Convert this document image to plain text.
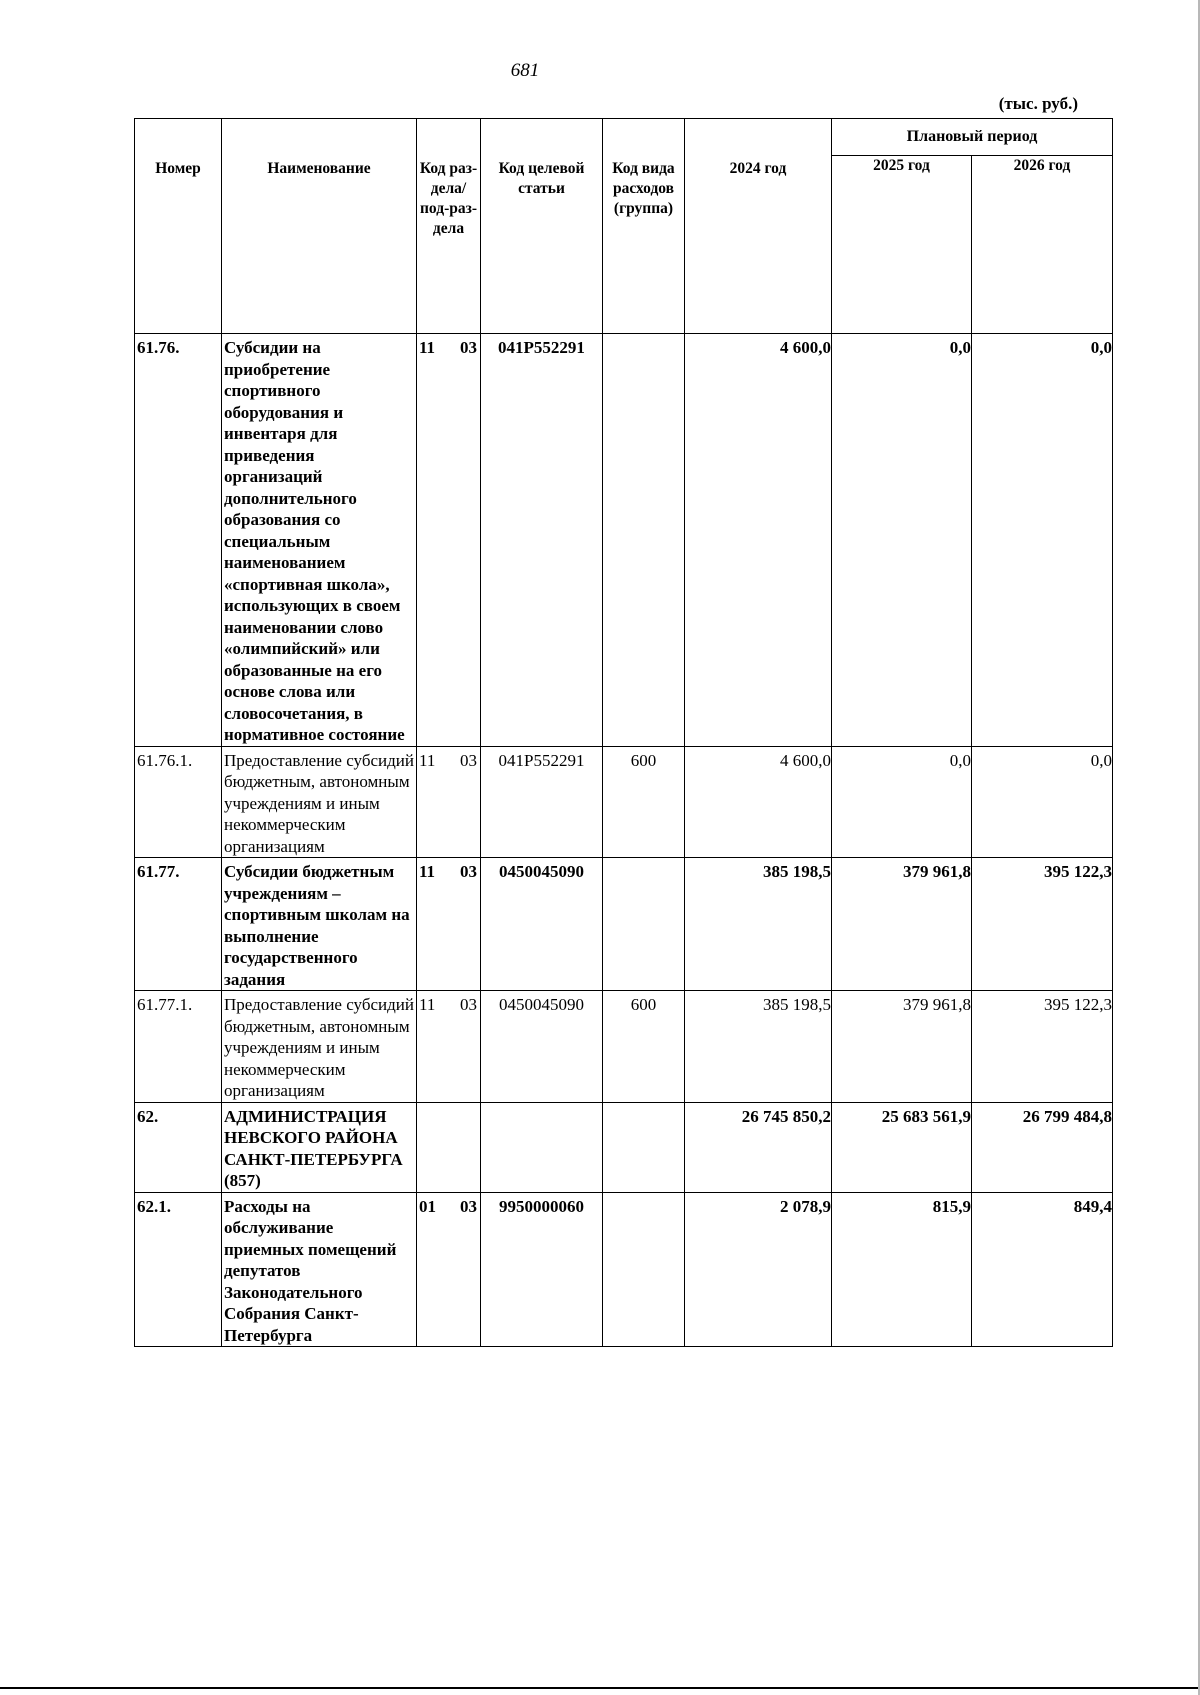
681
(тыс. руб.)
Номер	Наименование	Код раз-дела/ под-раз-дела	Код целевой статьи	Код вида расходов (группа)	2024 год	Плановый период	
						2025 год	2026 год
61.76.	Субсидии на приобретение спортивного оборудования и инвентаря для приведения организаций дополнительного образования со специальным наименованием «спортивная школа», использующих в своем наименовании слово «олимпийский» или образованные на его основе слова или словосочетания, в нормативное состояние	11 03	041P552291		4 600,0	0,0	0,0
61.76.1.	Предоставление субсидий бюджетным, автономным учреждениям и иным некоммерческим организациям	11 03	041P552291	600	4 600,0	0,0	0,0
61.77.	Субсидии бюджетным учреждениям – спортивным школам на выполнение государственного задания	11 03	0450045090		385 198,5	379 961,8	395 122,3
61.77.1.	Предоставление субсидий бюджетным, автономным учреждениям и иным некоммерческим организациям	11 03	0450045090	600	385 198,5	379 961,8	395 122,3
62.	АДМИНИСТРАЦИЯ НЕВСКОГО РАЙОНА САНКТ-ПЕТЕРБУРГА (857)				26 745 850,2	25 683 561,9	26 799 484,8
62.1.	Расходы на обслуживание приемных помещений депутатов Законодательного Собрания Санкт-Петербурга	01 03	9950000060		2 078,9	815,9	849,4
